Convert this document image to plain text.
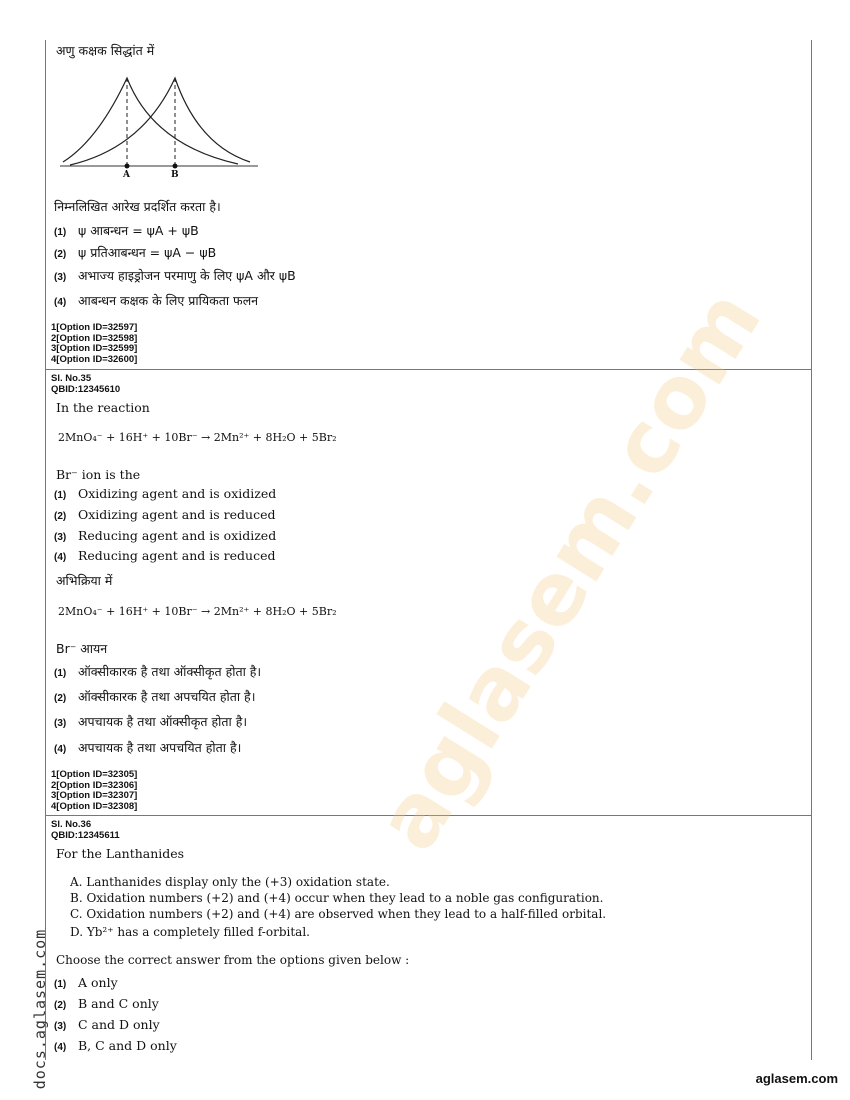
aglasem.com
अणु कक्षक सिद्धांत में
A	B
निम्नलिखित आरेख प्रदर्शित करता है।
(1) ψ आबन्धन = ψA + ψB
(2) ψ प्रतिआबन्धन = ψA − ψB
(3) अभाज्य हाइड्रोजन परमाणु के लिए ψA और ψB
(4) आबन्धन कक्षक के लिए प्रायिकता फलन
1[Option ID=32597]
2[Option ID=32598]
3[Option ID=32599]
4[Option ID=32600]
Sl. No.35
QBID:12345610
In the reaction
2MnO₄⁻ + 16H⁺ + 10Br⁻ → 2Mn²⁺ + 8H₂O + 5Br₂
Br⁻ ion is the
(1) Oxidizing agent and is oxidized
(2) Oxidizing agent and is reduced
(3) Reducing agent and is oxidized
(4) Reducing agent and is reduced
अभिक्रिया में
2MnO₄⁻ + 16H⁺ + 10Br⁻ → 2Mn²⁺ + 8H₂O + 5Br₂
Br⁻ आयन
(1) ऑक्सीकारक है तथा ऑक्सीकृत होता है।
(2) ऑक्सीकारक है तथा अपचयित होता है।
(3) अपचायक है तथा ऑक्सीकृत होता है।
(4) अपचायक है तथा अपचयित होता है।
1[Option ID=32305]
2[Option ID=32306]
3[Option ID=32307]
4[Option ID=32308]
Sl. No.36
QBID:12345611
For the Lanthanides
A. Lanthanides display only the (+3) oxidation state.
B. Oxidation numbers (+2) and (+4) occur when they lead to a noble gas configuration.
C. Oxidation numbers (+2) and (+4) are observed when they lead to a half-filled orbital.
D. Yb²⁺ has a completely filled f-orbital.
Choose the correct answer from the options given below :
(1) A only
(2) B and C only
(3) C and D only
(4) B, C and D only
docs.aglasem.com	aglasem.com
